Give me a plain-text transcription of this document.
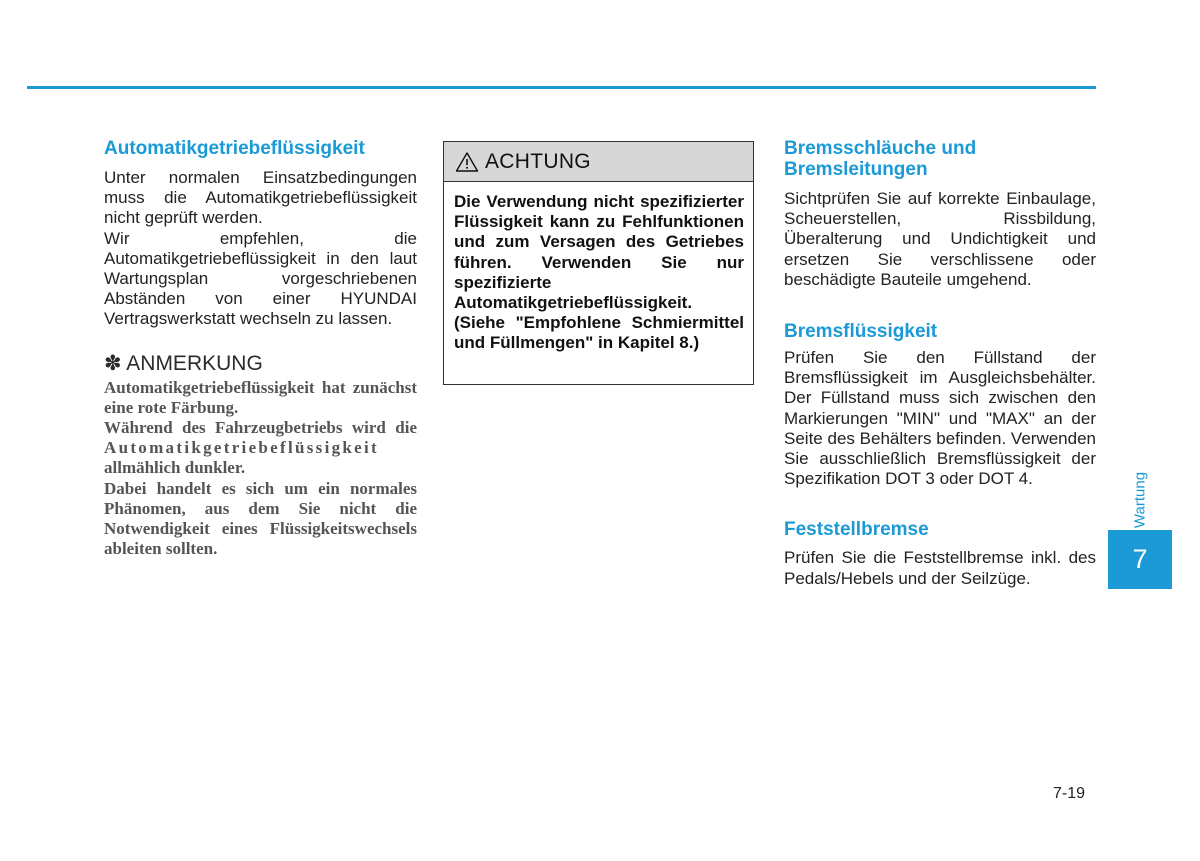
Automatikgetriebeflüssigkeit

Unter normalen Einsatzbedingungen muss die Automatikgetriebeflüssigkeit nicht geprüft werden.

Wir empfehlen, die Automatikgetriebeflüssigkeit in den laut Wartungsplan vorgeschriebenen Abständen von einer HYUNDAI Vertragswerkstatt wechseln zu lassen.

✽ ANMERKUNG

Automatikgetriebeflüssigkeit hat zunächst eine rote Färbung.

Während des Fahrzeugbetriebs wird die

Automatikgetriebeflüssigkeit

allmählich dunkler.

Dabei handelt es sich um ein normales Phänomen, aus dem Sie nicht die Notwendigkeit eines Flüssigkeitswechsels ableiten sollten.

ACHTUNG
Die Verwendung nicht spezifizierter Flüssigkeit kann zu Fehlfunktionen und zum Versagen des Getriebes führen. Verwenden Sie nur spezifizierte Automatikgetriebeflüssigkeit. (Siehe "Empfohlene Schmiermittel und Füllmengen" in Kapitel 8.)
Bremsschläuche und Bremsleitungen

Sichtprüfen Sie auf korrekte Einbaulage, Scheuerstellen, Rissbildung, Überalterung und Undichtigkeit und ersetzen Sie verschlissene oder beschädigte Bauteile umgehend.

Bremsflüssigkeit

Prüfen Sie den Füllstand der Bremsflüssigkeit im Ausgleichsbehälter. Der Füllstand muss sich zwischen den Markierungen "MIN" und "MAX" an der Seite des Behälters befinden. Verwenden Sie ausschließlich Bremsflüssigkeit der Spezifikation DOT 3 oder DOT 4.

Feststellbremse

Prüfen Sie die Feststellbremse inkl. des Pedals/Hebels und der Seilzüge.

Wartung
7
7-19
